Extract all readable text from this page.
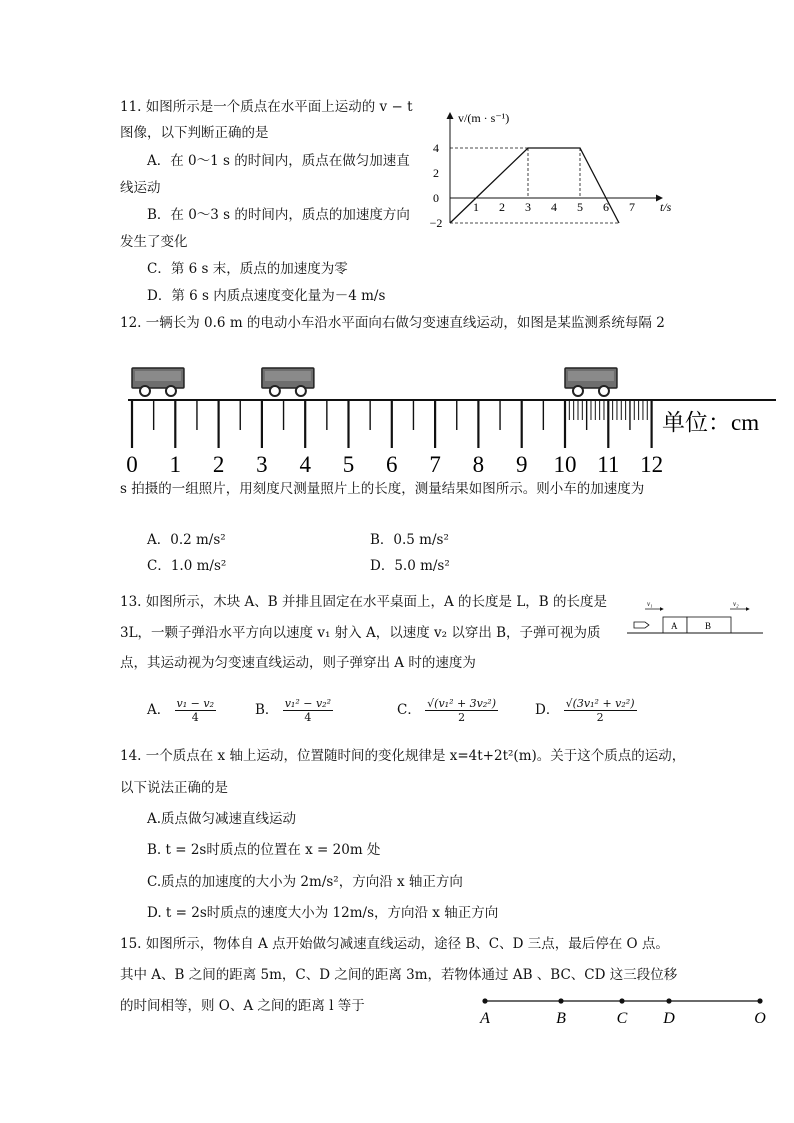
11. 如图所示是一个质点在水平面上运动的 v − t
图像，以下判断正确的是
A．在 0～1 s 的时间内，质点在做匀加速直
线运动
B．在 0～3 s 的时间内，质点的加速度方向
发生了变化
C．第 6 s 末，质点的加速度为零
D．第 6 s 内质点速度变化量为－4 m/s
v/(m · s⁻¹)
t/s
4
2
0
−2
1 2 3 4 5 6 7
12. 一辆长为 0.6 m 的电动小车沿水平面向右做匀变速直线运动，如图是某监测系统每隔 2
0 1 2 3 4 5 6 7 8 9 10 11 12
单位：cm
s 拍摄的一组照片，用刻度尺测量照片上的长度，测量结果如图所示。则小车的加速度为
A．0.2 m/s²	B．0.5 m/s²
C．1.0 m/s²	D．5.0 m/s²
13. 如图所示，木块 A、B 并排且固定在水平桌面上，A 的长度是 L，B 的长度是
3L，一颗子弹沿水平方向以速度 v₁ 射入 A，以速度 v₂ 以穿出 B，子弹可视为质
点，其运动视为匀变速直线运动，则子弹穿出 A 时的速度为
v₁	v₂
A	B
A． $\frac{\text{v₁ − v₂}}{4}$	B． $\frac{\text{v₁² − v₂²}}{4}$	C． $\frac{\text{√(v₁² + 3v₂²)}}{2}$	D． $\frac{\text{√(3v₁² + v₂²)}}{2}$
14. 一个质点在 x 轴上运动，位置随时间的变化规律是 x=4t+2t²(m)。关于这个质点的运动，
以下说法正确的是
A.质点做匀减速直线运动
B. t = 2s时质点的位置在 x = 20m 处
C.质点的加速度的大小为 2m/s²，方向沿 x 轴正方向
D. t = 2s时质点的速度大小为 12m/s，方向沿 x 轴正方向
15. 如图所示，物体自 A 点开始做匀减速直线运动，途径 B、C、D 三点，最后停在 O 点。
其中 A、B 之间的距离 5m，C、D 之间的距离 3m，若物体通过 AB 、BC、CD 这三段位移
的时间相等，则 O、A 之间的距离 l 等于
A	B	C D	O
